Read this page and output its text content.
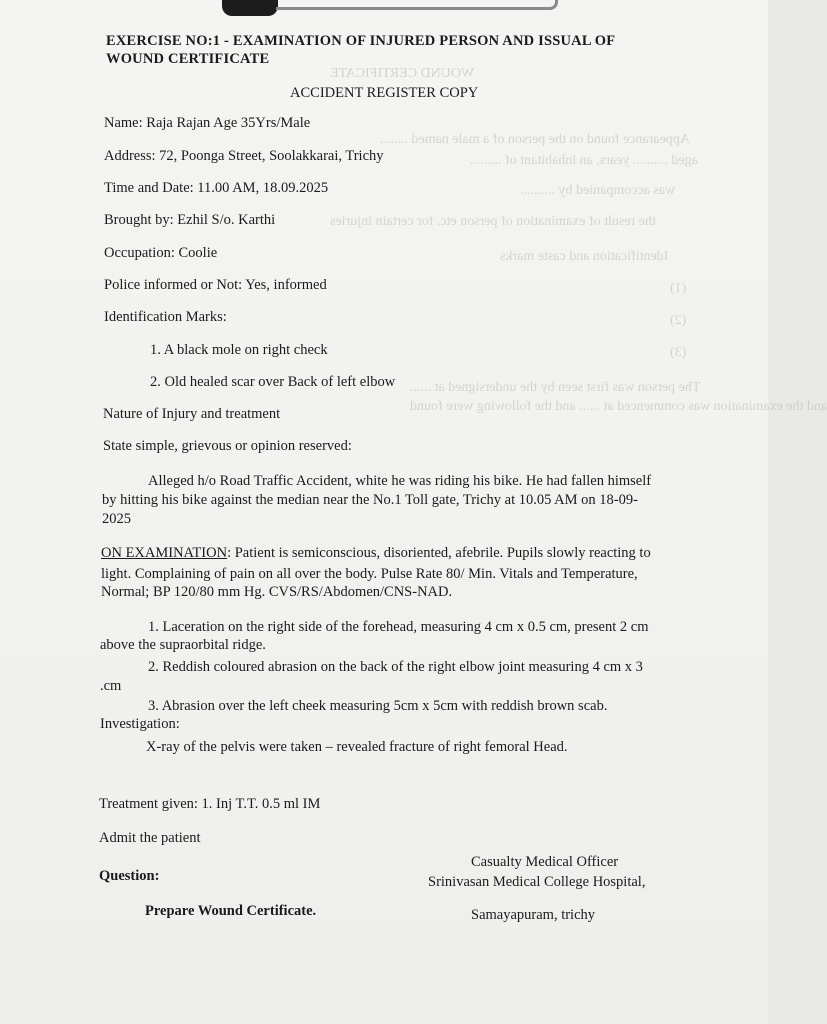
WOUND CERTIFICATE
Appearance found on the person of a male named ........
aged .......... years, an inhabitant of .........
was accompanied by ..........
the result of examination of person etc. for certain injuries
Identification and caste marks
(1)
(2)
(3)
The person was first seen by the undersigned at ......
and the examination was commenced at ...... and the following were found
EXERCISE NO:1 - EXAMINATION OF INJURED PERSON AND ISSUAL OF
WOUND CERTIFICATE
ACCIDENT REGISTER COPY
Name: Raja Rajan Age 35Yrs/Male
Address: 72, Poonga Street, Soolakkarai, Trichy
Time and Date: 11.00 AM, 18.09.2025
Brought by: Ezhil S/o. Karthi
Occupation: Coolie
Police informed or Not: Yes, informed
Identification Marks:
1. A black mole on right check
2. Old healed scar over Back of left elbow
Nature of Injury and treatment
State simple, grievous or opinion reserved:
Alleged h/o Road Traffic Accident, white he was riding his bike. He had fallen himself
by hitting his bike against the median near the No.1 Toll gate, Trichy at 10.05 AM on 18-09-
2025
ON EXAMINATION: Patient is semiconscious, disoriented, afebrile. Pupils slowly reacting to
light. Complaining of pain on all over the body. Pulse Rate 80/ Min. Vitals and Temperature,
Normal; BP 120/80 mm Hg. CVS/RS/Abdomen/CNS-NAD.
1. Laceration on the right side of the forehead, measuring 4 cm x 0.5 cm, present 2 cm
above the supraorbital ridge.
2. Reddish coloured abrasion on the back of the right elbow joint measuring 4 cm x 3
.cm
3. Abrasion over the left cheek measuring 5cm x 5cm with reddish brown scab.
Investigation:
X-ray of the pelvis were taken – revealed fracture of right femoral Head.
Treatment given: 1. Inj T.T. 0.5 ml IM
Admit the patient
Casualty Medical Officer
Srinivasan Medical College Hospital,
Samayapuram, trichy
Question:
Prepare Wound Certificate.
